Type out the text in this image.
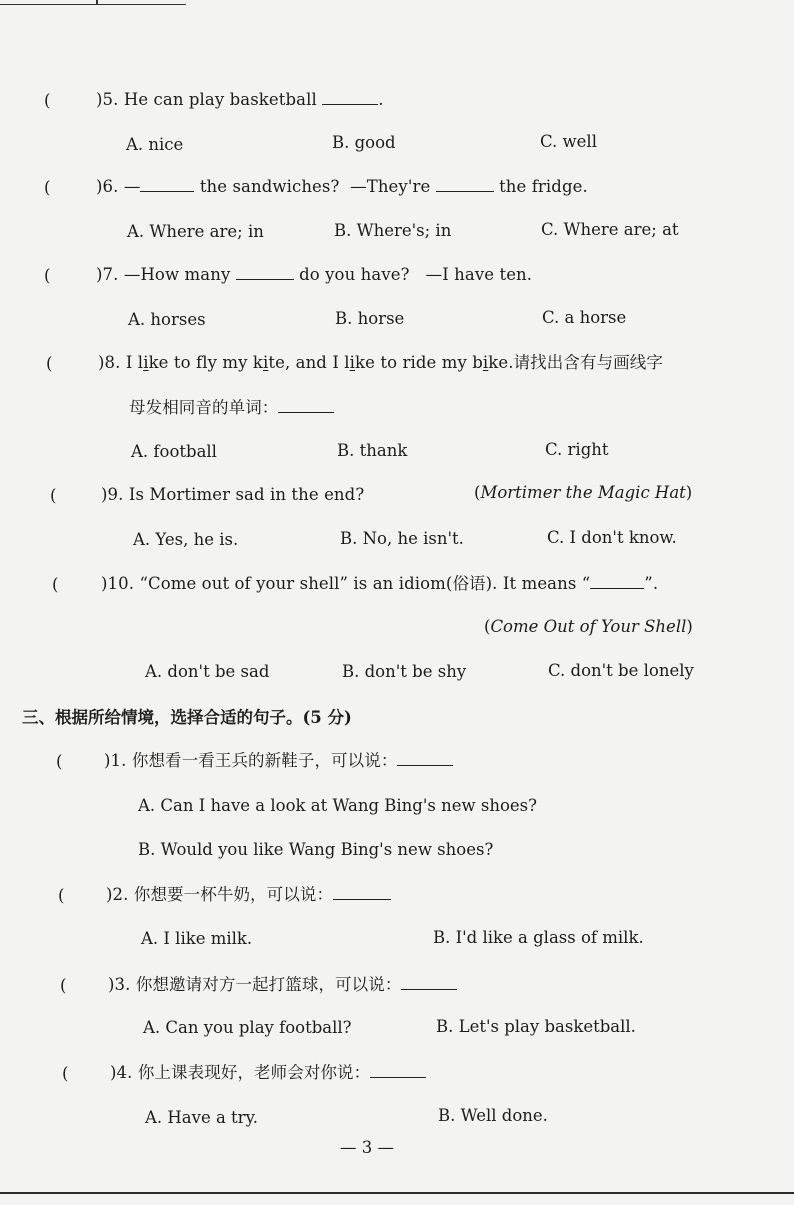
(	)5. He can play basketball	.
A. nice	B. good	C. well
(	)6. —	the sandwiches? —They're	the fridge.
A. Where are; in	B. Where's; in	C. Where are; at
(	)7. —How many	do you have? —I have ten.
A. horses	B. horse	C. a horse
(	)8. I like to fly my kite, and I like to ride my bike.请找出含有与画线字
母发相同音的单词：
A. football	B. thank	C. right
(	)9. Is Mortimer sad in the end?	(Mortimer the Magic Hat)
A. Yes, he is.	B. No, he isn't.	C. I don't know.
(	)10. “Come out of your shell” is an idiom(俗语). It means “	”.
(Come Out of Your Shell)
A. don't be sad	B. don't be shy	C. don't be lonely
三、根据所给情境，选择合适的句子。(5 分)
(	)1. 你想看一看王兵的新鞋子，可以说：
A. Can I have a look at Wang Bing's new shoes?
B. Would you like Wang Bing's new shoes?
(	)2. 你想要一杯牛奶，可以说：
A. I like milk.	B. I'd like a glass of milk.
(	)3. 你想邀请对方一起打篮球，可以说：
A. Can you play football?	B. Let's play basketball.
(	)4. 你上课表现好，老师会对你说：
A. Have a try.	B. Well done.
— 3 —
